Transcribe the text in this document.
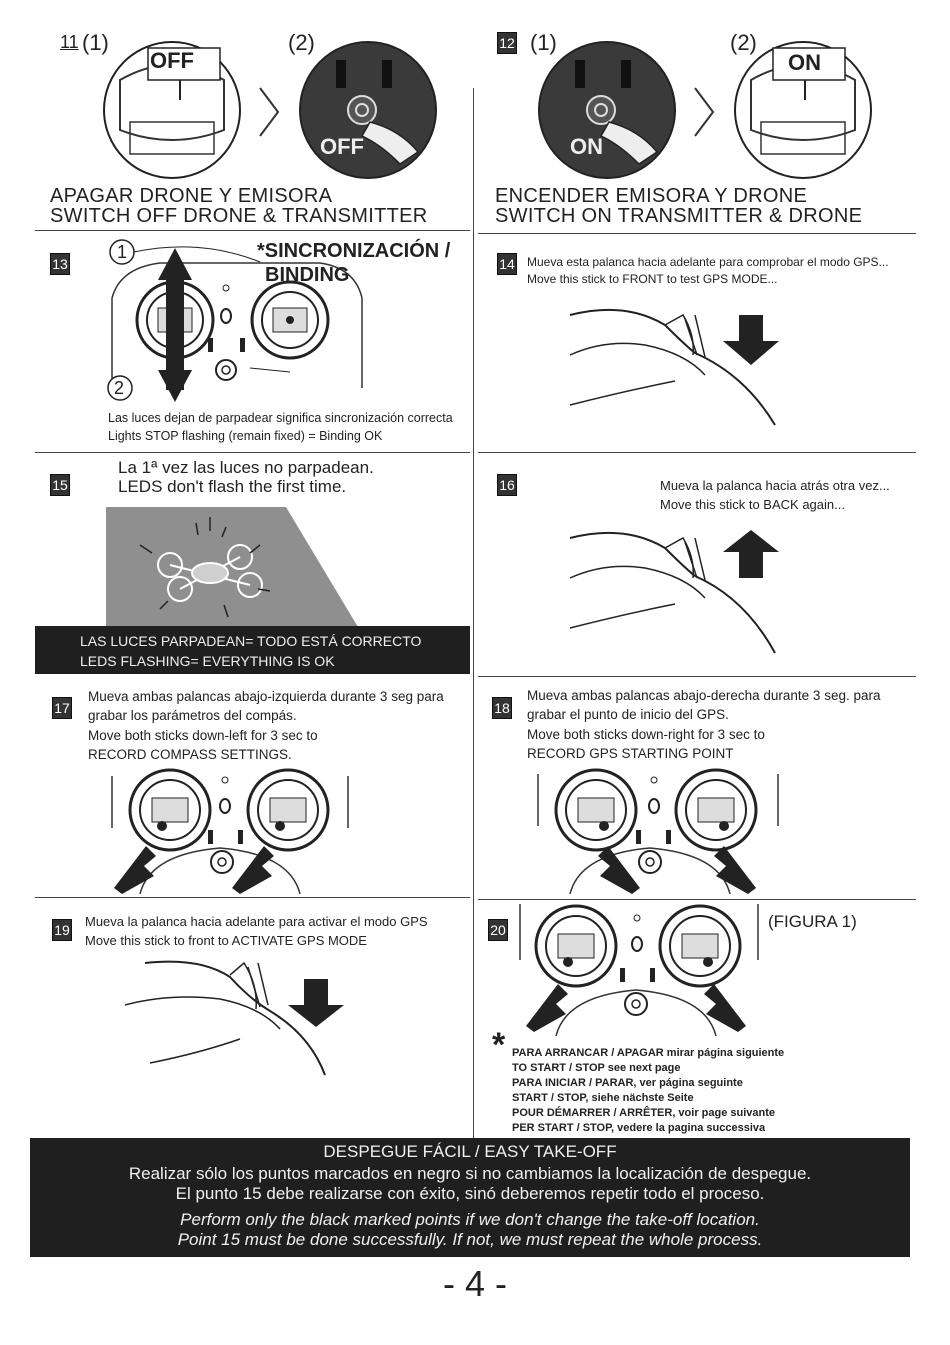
11 (1)	(2)
OFF
OFF
APAGAR DRONE Y EMISORA
SWITCH OFF DRONE & TRANSMITTER
12 (1)	(2)
ON
ON
ENCENDER EMISORA Y DRONE
SWITCH ON TRANSMITTER & DRONE
13
1
2
*SINCRONIZACIÓN /
BINDING
Las luces dejan de parpadear significa sincronización correcta
Lights STOP flashing (remain fixed) = Binding OK
14 Mueva esta palanca hacia adelante para comprobar el modo GPS...
Move this stick to FRONT to test GPS MODE...
15
La 1ª vez las luces no parpadean.
LEDS don't flash the first time.
LAS LUCES PARPADEAN= TODO ESTÁ CORRECTO
LEDS FLASHING= EVERYTHING IS OK
16	Mueva la palanca hacia atrás otra vez...
Move this stick to BACK again...
17
Mueva ambas palancas abajo-izquierda durante 3 seg para
grabar los parámetros del compás.
Move both sticks down-left for 3 sec to
RECORD COMPASS SETTINGS.
18
Mueva ambas palancas abajo-derecha durante 3 seg. para
grabar el punto de inicio del GPS.
Move both sticks down-right for 3 sec to
RECORD GPS STARTING POINT
19
Mueva la palanca hacia adelante para activar el modo GPS
Move this stick to front to ACTIVATE GPS MODE
20	(FIGURA 1)
* PARA ARRANCAR / APAGAR mirar página siguiente
TO START / STOP see next page
PARA INICIAR / PARAR, ver página seguinte
START / STOP, siehe nächste Seite
POUR DÉMARRER / ARRÊTER, voir page suivante
PER START / STOP, vedere la pagina successiva
DESPEGUE FÁCIL / EASY TAKE-OFF
Realizar sólo los puntos marcados en negro si no cambiamos la localización de despegue.
El punto 15 debe realizarse con éxito, sinó deberemos repetir todo el proceso.
Perform only the black marked points if we don't change the take-off location.
Point 15 must be done successfully. If not, we must repeat the whole process.
- 4 -
